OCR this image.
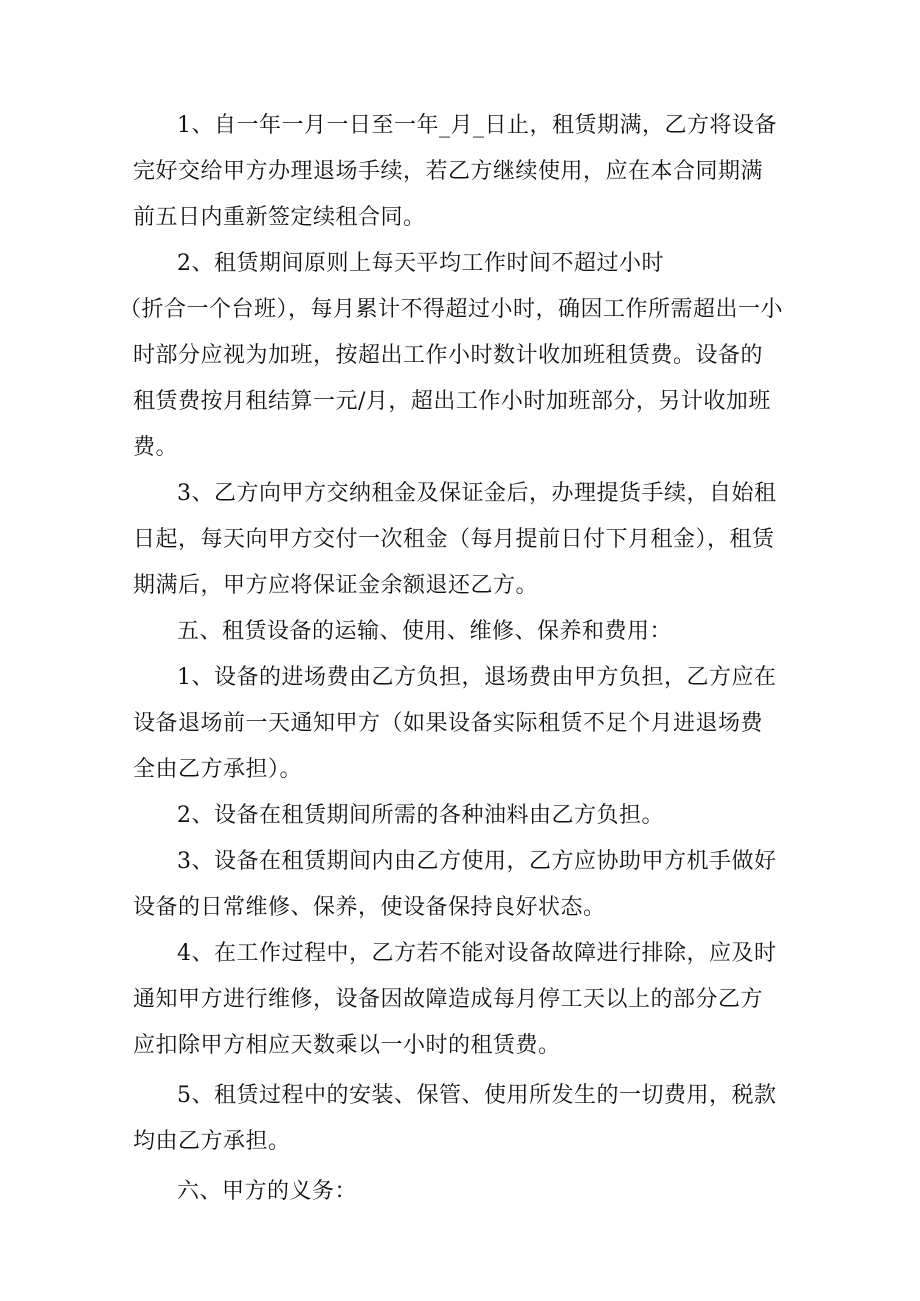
1、自一年一月一日至一年_月_日止，租赁期满，乙方将设备完好交给甲方办理退场手续，若乙方继续使用，应在本合同期满前五日内重新签定续租合同。

2、租赁期间原则上每天平均工作时间不超过小时

（折合一个台班），每月累计不得超过小时，确因工作所需超出一小时部分应视为加班，按超出工作小时数计收加班租赁费。设备的租赁费按月租结算一元/月，超出工作小时加班部分，另计收加班费。

3、乙方向甲方交纳租金及保证金后，办理提货手续，自始租日起，每天向甲方交付一次租金（每月提前日付下月租金），租赁期满后，甲方应将保证金余额退还乙方。

五、租赁设备的运输、使用、维修、保养和费用：

1、设备的进场费由乙方负担，退场费由甲方负担，乙方应在设备退场前一天通知甲方（如果设备实际租赁不足个月进退场费全由乙方承担）。

2、设备在租赁期间所需的各种油料由乙方负担。

3、设备在租赁期间内由乙方使用，乙方应协助甲方机手做好设备的日常维修、保养，使设备保持良好状态。

4、在工作过程中，乙方若不能对设备故障进行排除，应及时通知甲方进行维修，设备因故障造成每月停工天以上的部分乙方应扣除甲方相应天数乘以一小时的租赁费。

5、租赁过程中的安装、保管、使用所发生的一切费用，税款均由乙方承担。

六、甲方的义务：
